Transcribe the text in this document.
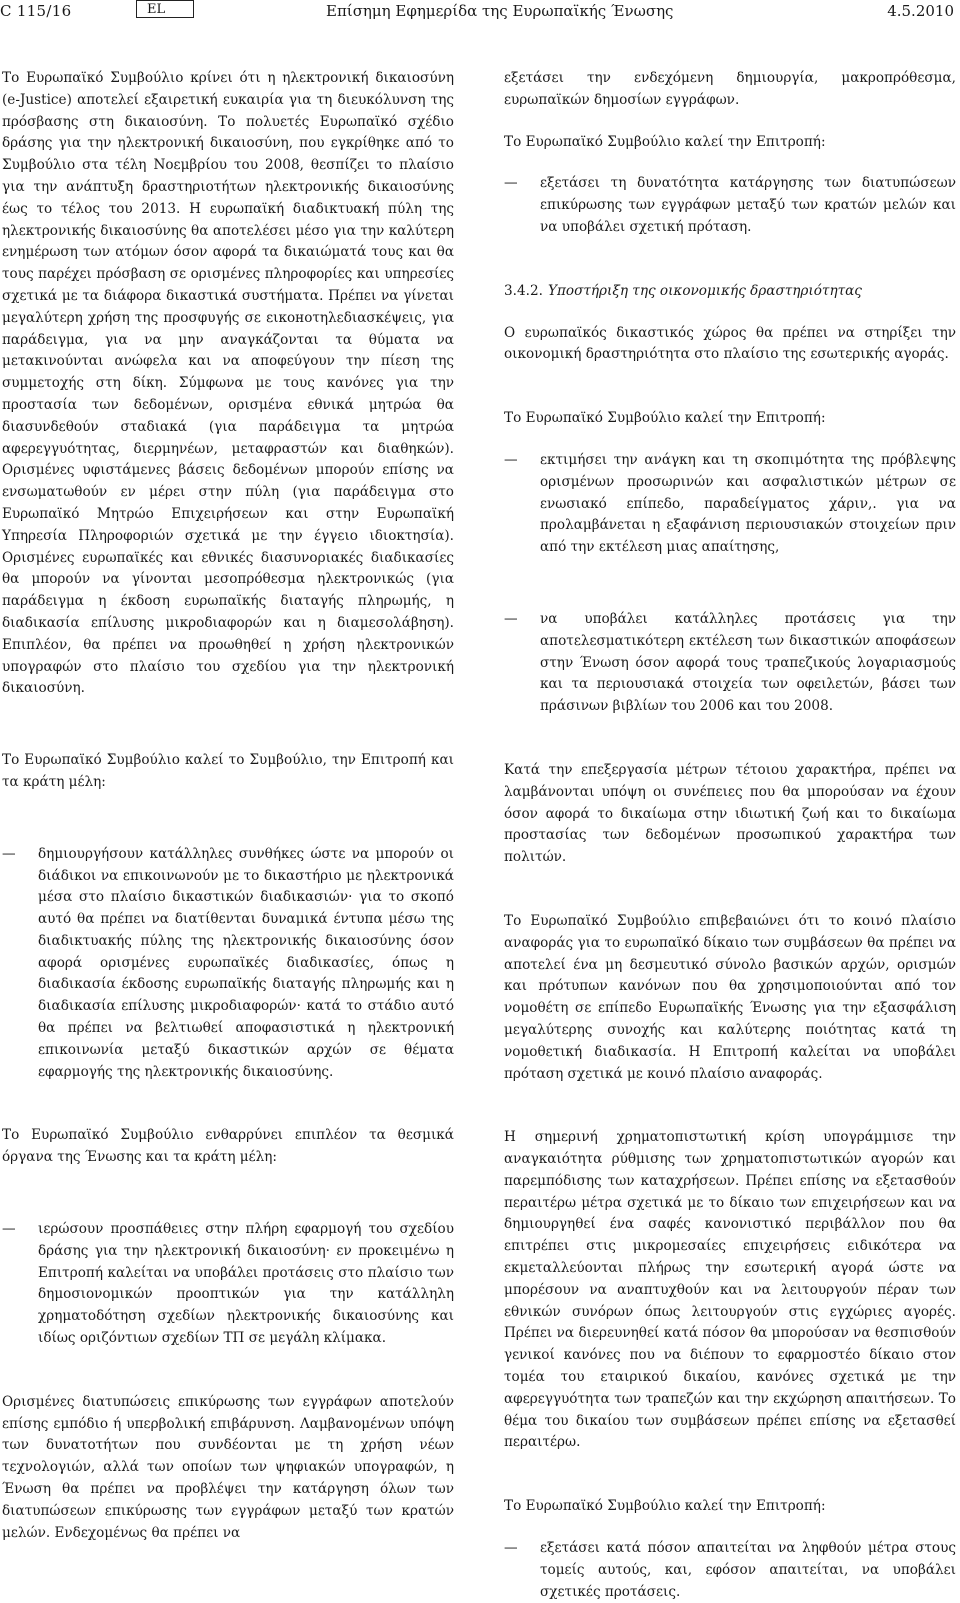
C 115/16	EL	Επίσημη Εφημερίδα της Ευρωπαϊκής Ένωσης	4.5.2010

Το Ευρωπαϊκό Συμβούλιο κρίνει ότι η ηλεκτρονική δικαιοσύνη (e-Justice) αποτελεί εξαιρετική ευκαιρία για τη διευκόλυνση της πρόσβασης στη δικαιοσύνη. Το πολυετές Ευρωπαϊκό σχέδιο δράσης για την ηλεκτρονική δικαιοσύνη, που εγκρίθηκε από το Συμβούλιο στα τέλη Νοεμβρίου του 2008, θεσπίζει το πλαίσιο για την ανάπτυξη δραστηριοτήτων ηλεκτρονικής δικαιοσύνης έως το τέλος του 2013. Η ευρωπαϊκή διαδικτυακή πύλη της ηλεκτρονικής δικαιοσύνης θα αποτελέσει μέσο για την καλύτερη ενημέρωση των ατόμων όσον αφορά τα δικαιώματά τους και θα τους παρέχει πρόσβαση σε ορισμένες πληροφορίες και υπηρεσίες σχετικά με τα διάφορα δικαστικά συστήματα. Πρέπει να γίνεται μεγαλύτερη χρήση της προσφυγής σε ειконοτηλεδιασκέψεις, για παράδειγμα, για να μην αναγκάζονται τα θύματα να μετακινούνται ανώφελα και να αποφεύγουν την πίεση της συμμετοχής στη δίκη. Σύμφωνα με τους κανόνες για την προστασία των δεδομένων, ορισμένα εθνικά μητρώα θα διασυνδεθούν σταδιακά (για παράδειγμα τα μητρώα αφερεγγυότητας, διερμηνέων, μεταφραστών και διαθηκών). Ορισμένες υφιστάμενες βάσεις δεδομένων μπορούν επίσης να ενσωματωθούν εν μέρει στην πύλη (για παράδειγμα στο Ευρωπαϊκό Μητρώο Επιχειρήσεων και στην Ευρωπαϊκή Υπηρεσία Πληροφοριών σχετικά με την έγγειο ιδιοκτησία). Ορισμένες ευρωπαϊκές και εθνικές διασυνοριακές διαδικασίες θα μπορούν να γίνονται μεσοπρόθεσμα ηλεκτρονικώς (για παράδειγμα η έκδοση ευρωπαϊκής διαταγής πληρωμής, η διαδικασία επίλυσης μικροδιαφορών και η διαμεσολάβηση). Επιπλέον, θα πρέπει να προωθηθεί η χρήση ηλεκτρονικών υπογραφών στο πλαίσιο του σχεδίου για την ηλεκτρονική δικαιοσύνη.

Το Ευρωπαϊκό Συμβούλιο καλεί το Συμβούλιο, την Επιτροπή και τα κράτη μέλη:

—	δημιουργήσουν κατάλληλες συνθήκες ώστε να μπορούν οι διάδικοι να επικοινωνούν με το δικαστήριο με ηλεκτρονικά μέσα στο πλαίσιο δικαστικών διαδικασιών· για το σκοπό αυτό θα πρέπει να διατίθενται δυναμικά έντυπα μέσω της διαδικτυακής πύλης της ηλεκτρονικής δικαιοσύνης όσον αφορά ορισμένες ευρωπαϊκές διαδικασίες, όπως η διαδικασία έκδοσης ευρωπαϊκής διαταγής πληρωμής και η διαδικασία επίλυσης μικροδιαφορών· κατά το στάδιο αυτό θα πρέπει να βελτιωθεί αποφασιστικά η ηλεκτρονική επικοινωνία μεταξύ δικαστικών αρχών σε θέματα εφαρμογής της ηλεκτρονικής δικαιοσύνης.

Το Ευρωπαϊκό Συμβούλιο ενθαρρύνει επιπλέον τα θεσμικά όργανα της Ένωσης και τα κράτη μέλη:

—	ιερώσουν προσπάθειες στην πλήρη εφαρμογή του σχεδίου δράσης για την ηλεκτρονική δικαιοσύνη· εν προκειμένω η Επιτροπή καλείται να υποβάλει προτάσεις στο πλαίσιο των δημοσιονομικών προοπτικών για την κατάλληλη χρηματοδότηση σχεδίων ηλεκτρονικής δικαιοσύνης και ιδίως οριζόντιων σχεδίων ΤΠ σε μεγάλη κλίμακα.

Ορισμένες διατυπώσεις επικύρωσης των εγγράφων αποτελούν επίσης εμπόδιο ή υπερβολική επιβάρυνση. Λαμβανομένων υπόψη των δυνατοτήτων που συνδέονται με τη χρήση νέων τεχνολογιών, αλλά των οποίων των ψηφιακών υπογραφών, η Ένωση θα πρέπει να προβλέψει την κατάργηση όλων των διατυπώσεων επικύρωσης των εγγράφων μεταξύ των κρατών μελών. Ενδεχομένως θα πρέπει να

εξετάσει την ενδεχόμενη δημιουργία, μακροπρόθεσμα, ευρωπαϊκών δημοσίων εγγράφων.

Το Ευρωπαϊκό Συμβούλιο καλεί την Επιτροπή:

—	εξετάσει τη δυνατότητα κατάργησης των διατυπώσεων επικύρωσης των εγγράφων μεταξύ των κρατών μελών και να υποβάλει σχετική πρόταση.

3.4.2. Υποστήριξη της οικονομικής δραστηριότητας

Ο ευρωπαϊκός δικαστικός χώρος θα πρέπει να στηρίξει την οικονομική δραστηριότητα στο πλαίσιο της εσωτερικής αγοράς.

Το Ευρωπαϊκό Συμβούλιο καλεί την Επιτροπή:

—	εκτιμήσει την ανάγκη και τη σκοπιμότητα της πρόβλεψης ορισμένων προσωρινών και ασφαλιστικών μέτρων σε ενωσιακό επίπεδο, παραδείγματος χάριν,. για να προλαμβάνεται η εξαφάνιση περιουσιακών στοιχείων πριν από την εκτέλεση μιας απαίτησης,

—	να υποβάλει κατάλληλες προτάσεις για την αποτελεσματικότερη εκτέλεση των δικαστικών αποφάσεων στην Ένωση όσον αφορά τους τραπεζικούς λογαριασμούς και τα περιουσιακά στοιχεία των οφειλετών, βάσει των πράσινων βιβλίων του 2006 και του 2008.

Κατά την επεξεργασία μέτρων τέτοιου χαρακτήρα, πρέπει να λαμβάνονται υπόψη οι συνέπειες που θα μπορούσαν να έχουν όσον αφορά το δικαίωμα στην ιδιωτική ζωή και το δικαίωμα προστασίας των δεδομένων προσωπικού χαρακτήρα των πολιτών.

Το Ευρωπαϊκό Συμβούλιο επιβεβαιώνει ότι το κοινό πλαίσιο αναφοράς για το ευρωπαϊκό δίκαιο των συμβάσεων θα πρέπει να αποτελεί ένα μη δεσμευτικό σύνολο βασικών αρχών, ορισμών και πρότυπων κανόνων που θα χρησιμοποιούνται από τον νομοθέτη σε επίπεδο Ευρωπαϊκής Ένωσης για την εξασφάλιση μεγαλύτερης συνοχής και καλύτερης ποιότητας κατά τη νομοθετική διαδικασία. Η Επιτροπή καλείται να υποβάλει πρόταση σχετικά με κοινό πλαίσιο αναφοράς.

Η σημερινή χρηματοπιστωτική κρίση υπογράμμισε την αναγκαιότητα ρύθμισης των χρηματοπιστωτικών αγορών και παρεμπόδισης των καταχρήσεων. Πρέπει επίσης να εξετασθούν περαιτέρω μέτρα σχετικά με το δίκαιο των επιχειρήσεων και να δημιουργηθεί ένα σαφές κανονιστικό περιβάλλον που θα επιτρέπει στις μικρομεσαίες επιχειρήσεις ειδικότερα να εκμεταλλεύονται πλήρως την εσωτερική αγορά ώστε να μπορέσουν να αναπτυχθούν και να λειτουργούν πέραν των εθνικών συνόρων όπως λειτουργούν στις εγχώριες αγορές. Πρέπει να διερευνηθεί κατά πόσον θα μπορούσαν να θεσπισθούν γενικοί κανόνες που να διέπουν το εφαρμοστέο δίκαιο στον τομέα του εταιρικού δικαίου, κανόνες σχετικά με την αφερεγγυότητα των τραπεζών και την εκχώρηση απαιτήσεων. Το θέμα του δικαίου των συμβάσεων πρέπει επίσης να εξετασθεί περαιτέρω.

Το Ευρωπαϊκό Συμβούλιο καλεί την Επιτροπή:

—	εξετάσει κατά πόσον απαιτείται να ληφθούν μέτρα στους τομείς αυτούς, και, εφόσον απαιτείται, να υποβάλει σχετικές προτάσεις.
